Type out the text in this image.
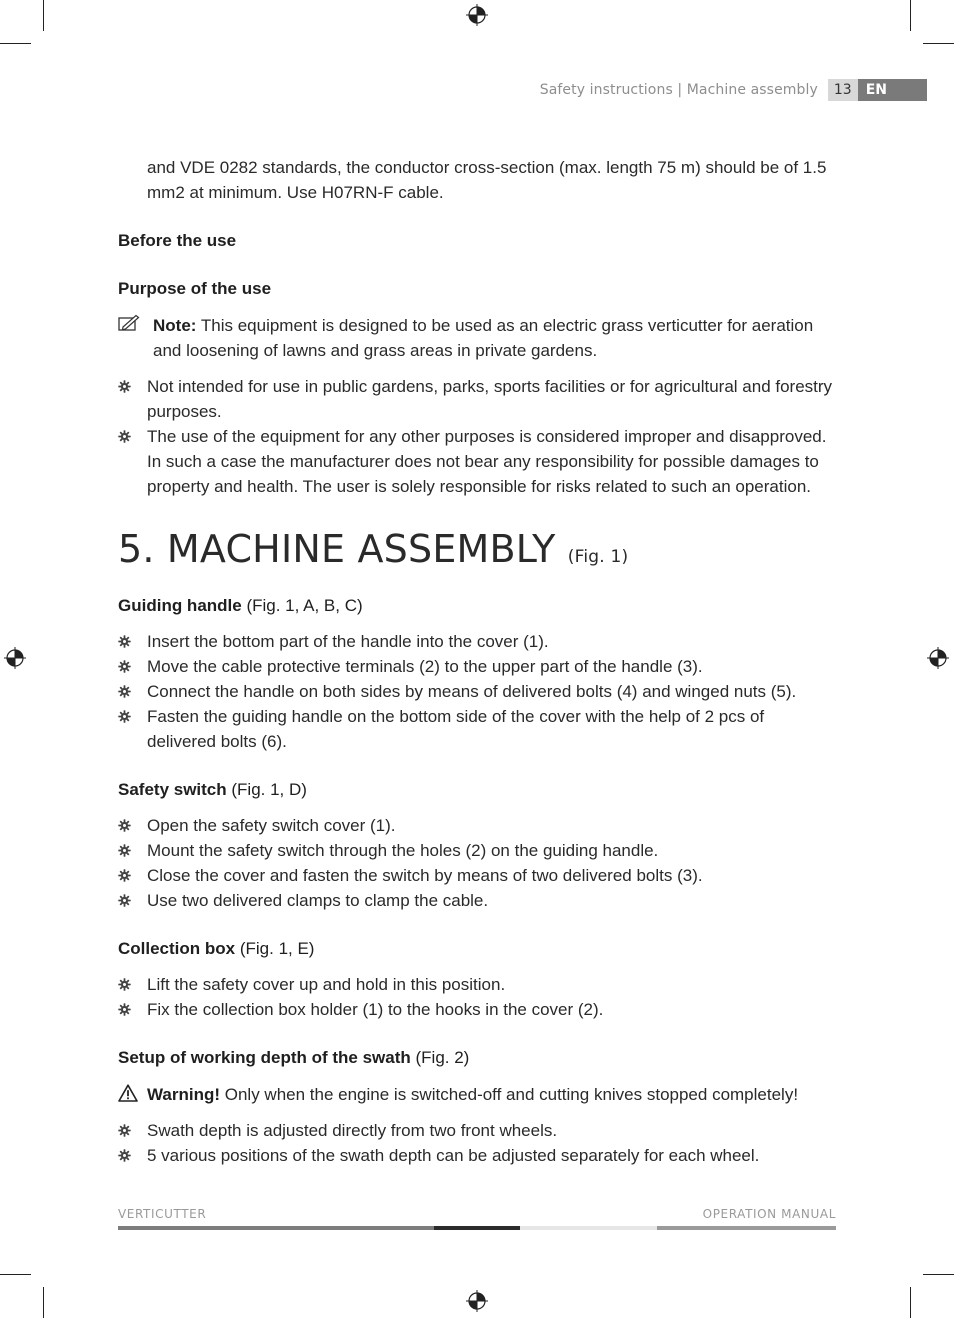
Safety instructions | Machine assembly	13	EN

and VDE 0282 standards, the conductor cross-section (max. length 75 m) should be of 1.5 mm2 at minimum. Use H07RN-F cable.

Before the use

Purpose of the use

Note: This equipment is designed to be used as an electric grass verticutter for aeration and loosening of lawns and grass areas in private gardens.
Not intended for use in public gardens, parks, sports facilities or for agricultural and forestry purposes.
The use of the equipment for any other purposes is considered improper and disapproved. In such a case the manufacturer does not bear any responsibility for possible damages to property and health. The user is solely responsible for risks related to such an operation.
5. MACHINE ASSEMBLY (Fig. 1)

Guiding handle (Fig. 1, A, B, C)

Insert the bottom part of the handle into the cover (1).
Move the cable protective terminals (2) to the upper part of the handle (3).
Connect the handle on both sides by means of delivered bolts (4) and winged nuts (5).
Fasten the guiding handle on the bottom side of the cover with the help of 2 pcs of delivered bolts (6).

Safety switch (Fig. 1, D)

Open the safety switch cover (1).
Mount the safety switch through the holes (2) on the guiding handle.
Close the cover and fasten the switch by means of two delivered bolts (3).
Use two delivered clamps to clamp the cable.

Collection box (Fig. 1, E)

Lift the safety cover up and hold in this position.
Fix the collection box holder (1) to the hooks in the cover (2).

Setup of working depth of the swath (Fig. 2)

Warning! Only when the engine is switched-off and cutting knives stopped completely!
Swath depth is adjusted directly from two front wheels.
5 various positions of the swath depth can be adjusted separately for each wheel.
VERTICUTTER	OPERATION MANUAL
